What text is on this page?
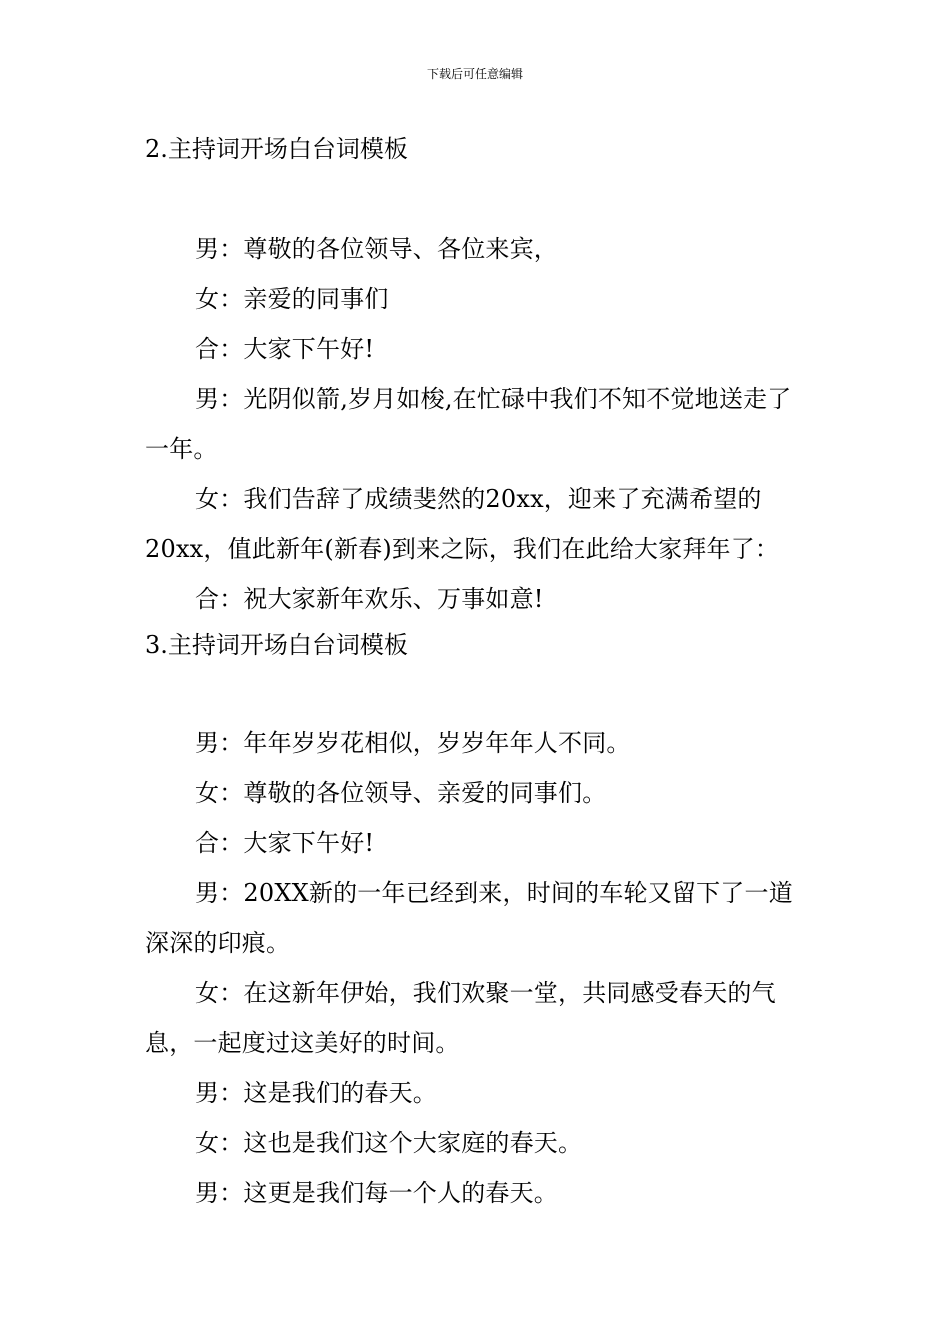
下载后可任意编辑
2.主持词开场白台词模板

男：尊敬的各位领导、各位来宾，

女：亲爱的同事们

合：大家下午好!

男：光阴似箭,岁月如梭,在忙碌中我们不知不觉地送走了一年。

女：我们告辞了成绩斐然的20xx，迎来了充满希望的20xx，值此新年(新春)到来之际，我们在此给大家拜年了：

合：祝大家新年欢乐、万事如意!

3.主持词开场白台词模板

男：年年岁岁花相似，岁岁年年人不同。

女：尊敬的各位领导、亲爱的同事们。

合：大家下午好!

男：20XX新的一年已经到来，时间的车轮又留下了一道深深的印痕。

女：在这新年伊始，我们欢聚一堂，共同感受春天的气息，一起度过这美好的时间。

男：这是我们的春天。

女：这也是我们这个大家庭的春天。

男：这更是我们每一个人的春天。
